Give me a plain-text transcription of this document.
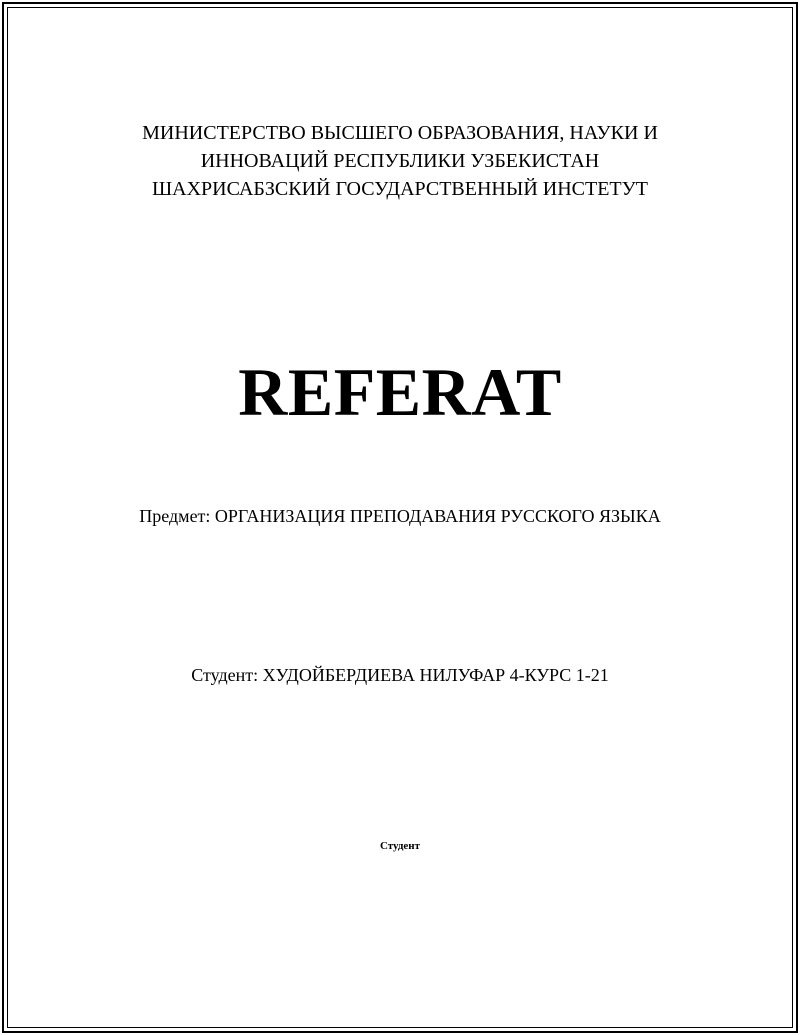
МИНИСТЕРСТВО ВЫСШЕГО ОБРАЗОВАНИЯ, НАУКИ И
ИННОВАЦИЙ РЕСПУБЛИКИ УЗБЕКИСТАН
ШАХРИСАБЗСКИЙ ГОСУДАРСТВЕННЫЙ ИНСТЕТУТ
REFERAT
Предмет: ОРГАНИЗАЦИЯ ПРЕПОДАВАНИЯ РУССКОГО ЯЗЫКА
Студент: ХУДОЙБЕРДИЕВА НИЛУФАР 4-КУРС 1-21
Студент
